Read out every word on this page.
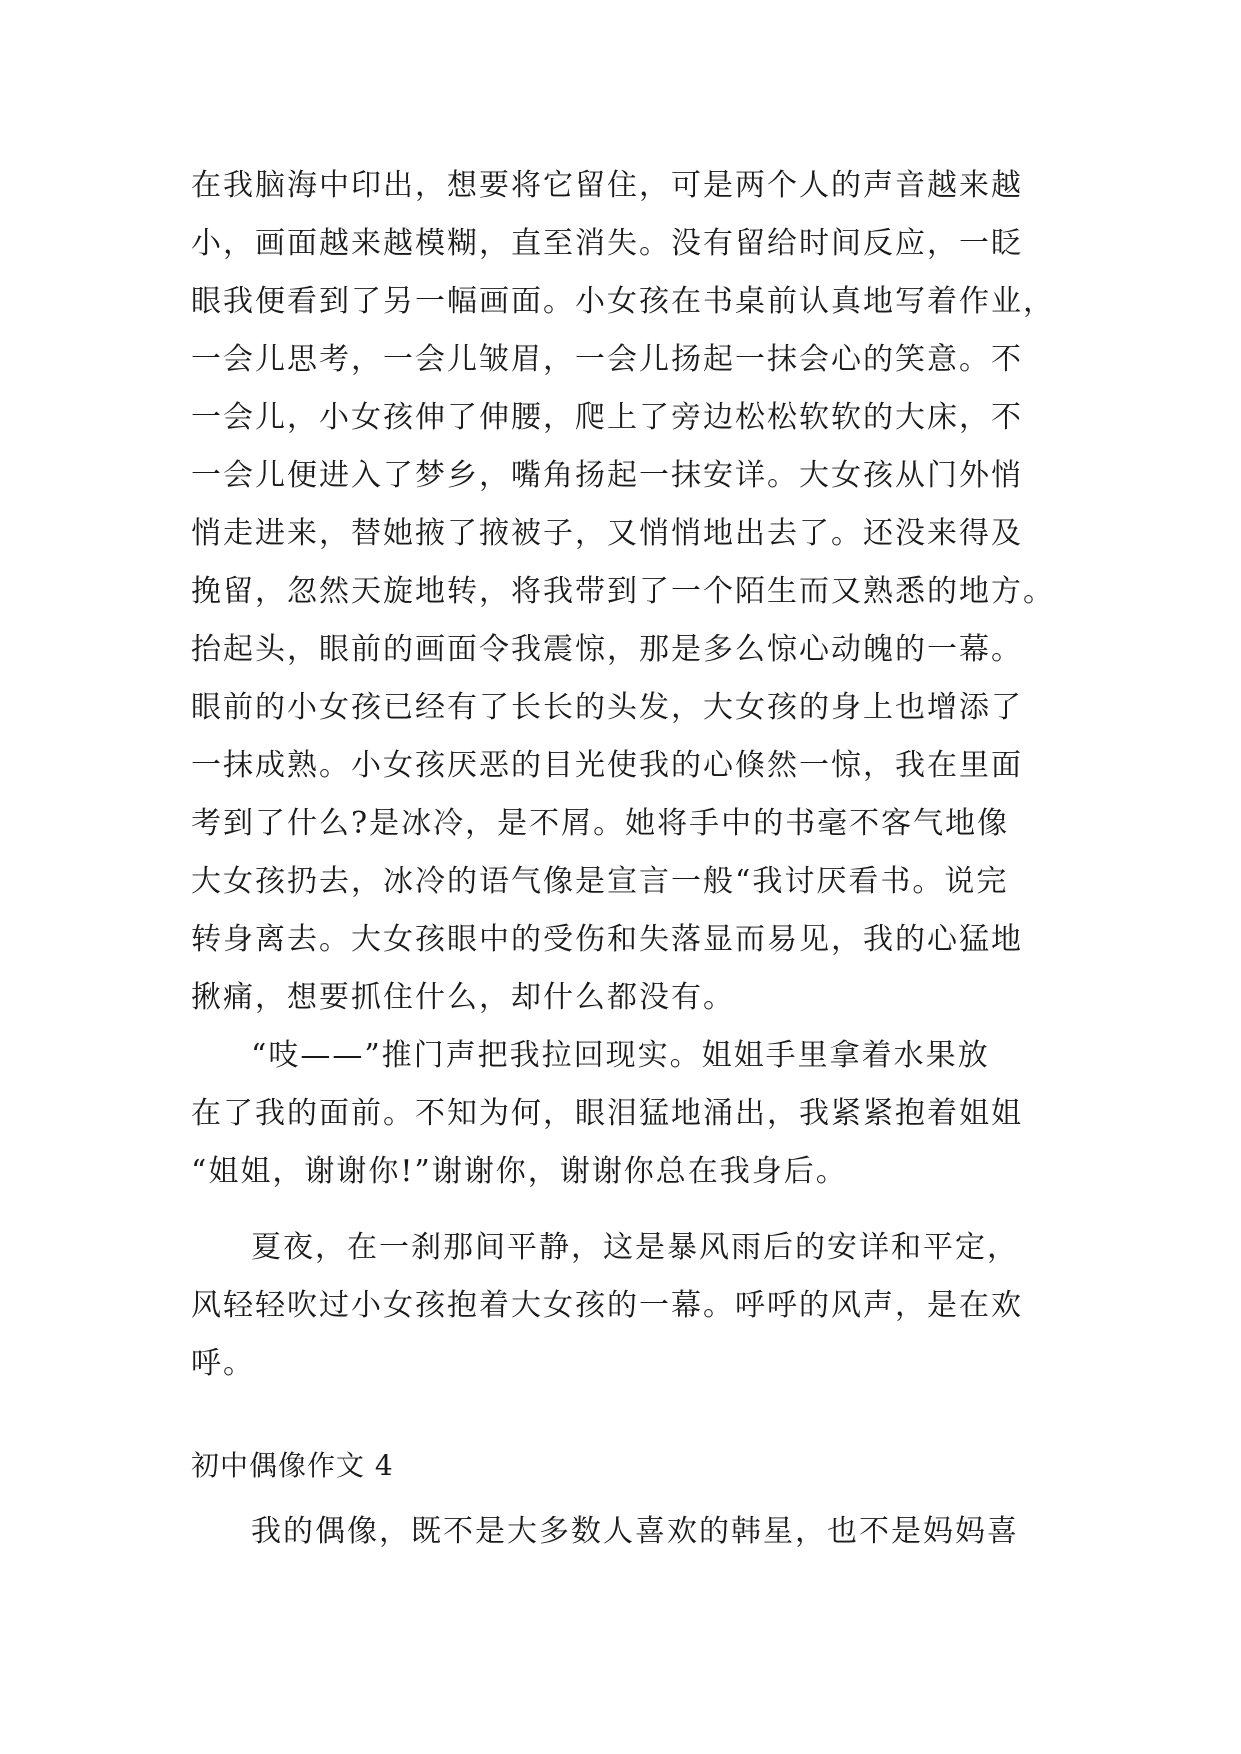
在我脑海中印出，想要将它留住，可是两个人的声音越来越
小，画面越来越模糊，直至消失。没有留给时间反应，一眨
眼我便看到了另一幅画面。小女孩在书桌前认真地写着作业，
一会儿思考，一会儿皱眉，一会儿扬起一抹会心的笑意。不
一会儿，小女孩伸了伸腰，爬上了旁边松松软软的大床，不
一会儿便进入了梦乡，嘴角扬起一抹安详。大女孩从门外悄
悄走进来，替她掖了掖被子，又悄悄地出去了。还没来得及
挽留，忽然天旋地转，将我带到了一个陌生而又熟悉的地方。
抬起头，眼前的画面令我震惊，那是多么惊心动魄的一幕。
眼前的小女孩已经有了长长的头发，大女孩的身上也增添了
一抹成熟。小女孩厌恶的目光使我的心倏然一惊，我在里面
考到了什么?是冰冷，是不屑。她将手中的书毫不客气地像
大女孩扔去，冰冷的语气像是宣言一般“我讨厌看书。说完
转身离去。大女孩眼中的受伤和失落显而易见，我的心猛地
揪痛，想要抓住什么，却什么都没有。
“吱——”推门声把我拉回现实。姐姐手里拿着水果放
在了我的面前。不知为何，眼泪猛地涌出，我紧紧抱着姐姐
“姐姐，谢谢你!”谢谢你，谢谢你总在我身后。
夏夜，在一刹那间平静，这是暴风雨后的安详和平定，
风轻轻吹过小女孩抱着大女孩的一幕。呼呼的风声，是在欢
呼。
初中偶像作文 4
我的偶像，既不是大多数人喜欢的韩星，也不是妈妈喜
